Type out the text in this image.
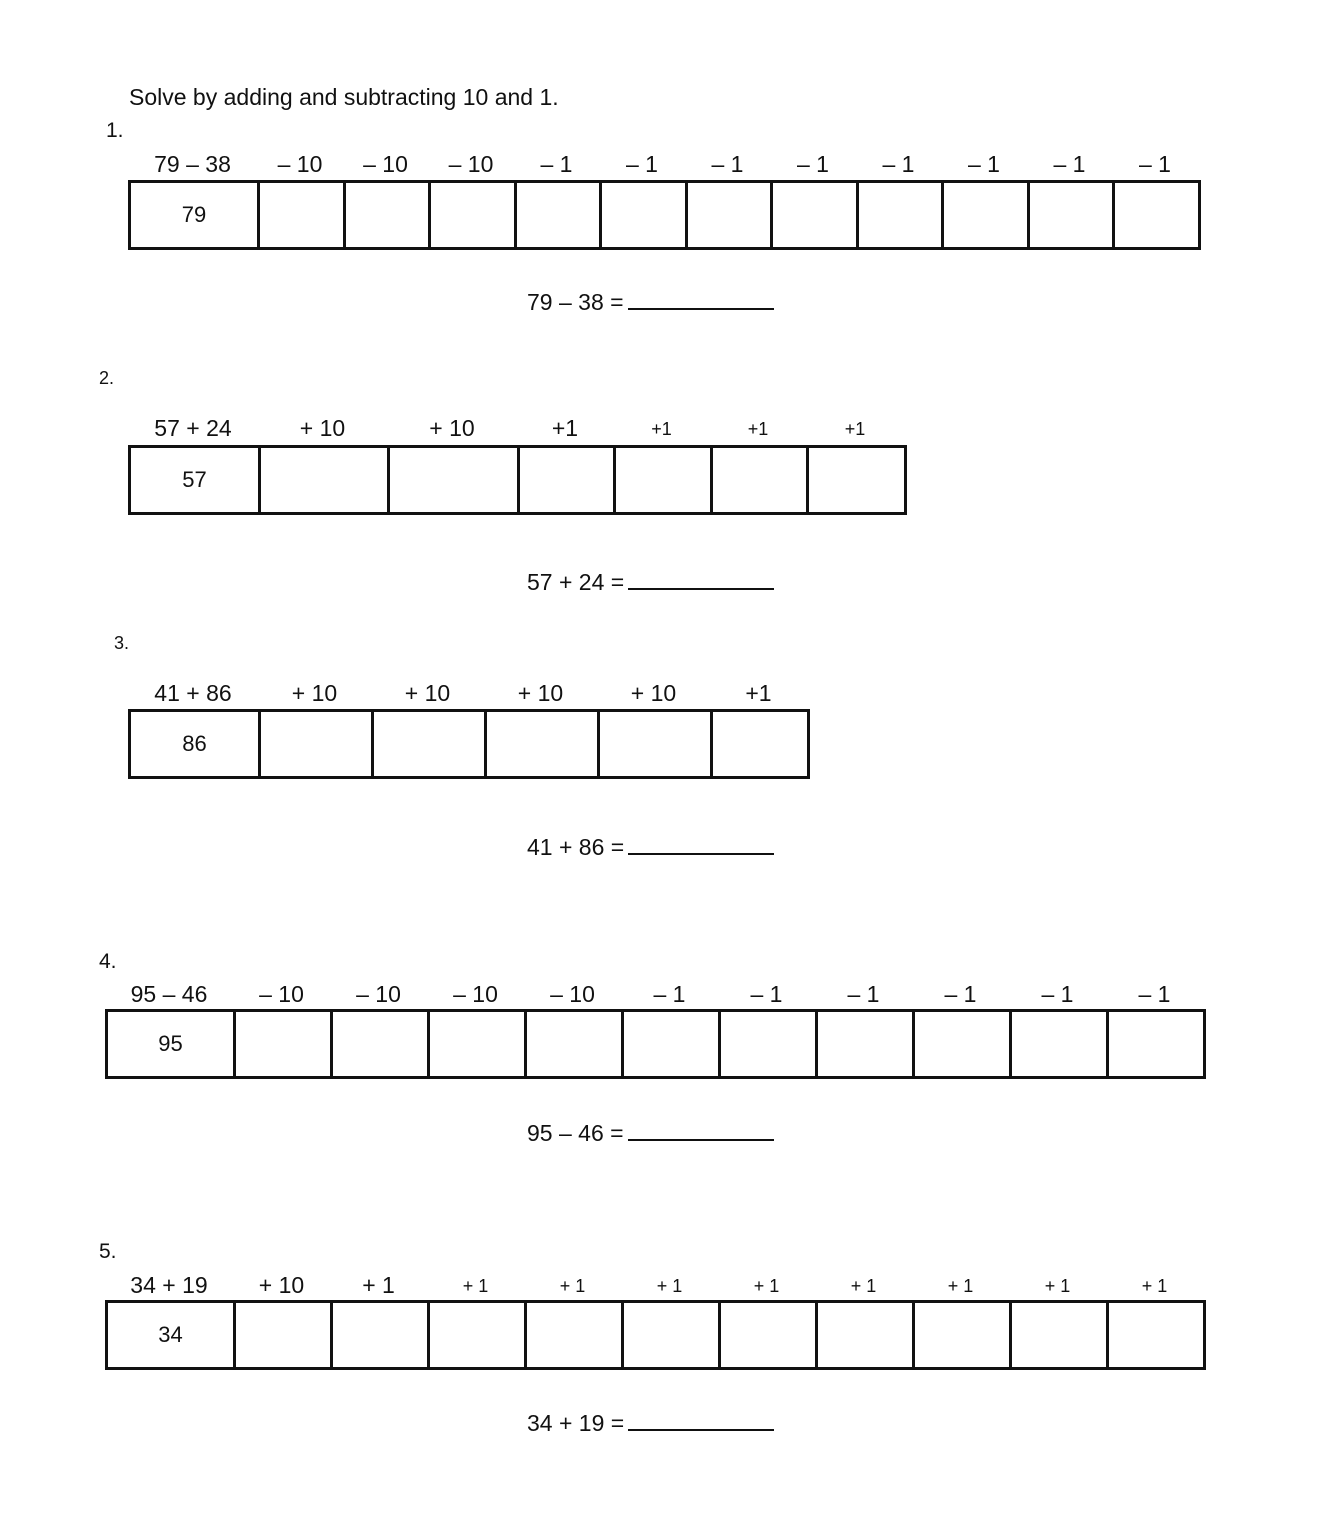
Solve by adding and subtracting 10 and 1.
1.
79 – 38	– 10	– 10	– 10	– 1	– 1	– 1	– 1	– 1	– 1	– 1	– 1
79
79 – 38 =
2.
57 + 24	+ 10	+ 10	+1	+1	+1	+1
57
57 + 24 =
3.
41 + 86	+ 10	+ 10	+ 10	+ 10	+1
86
41 + 86 =
4.
95 – 46	– 10	– 10	– 10	– 10	– 1	– 1	– 1	– 1	– 1	– 1
95
95 – 46 =
5.
34 + 19	+ 10	+ 1	+ 1	+ 1	+ 1	+ 1	+ 1	+ 1	+ 1	+ 1
34
34 + 19 =
